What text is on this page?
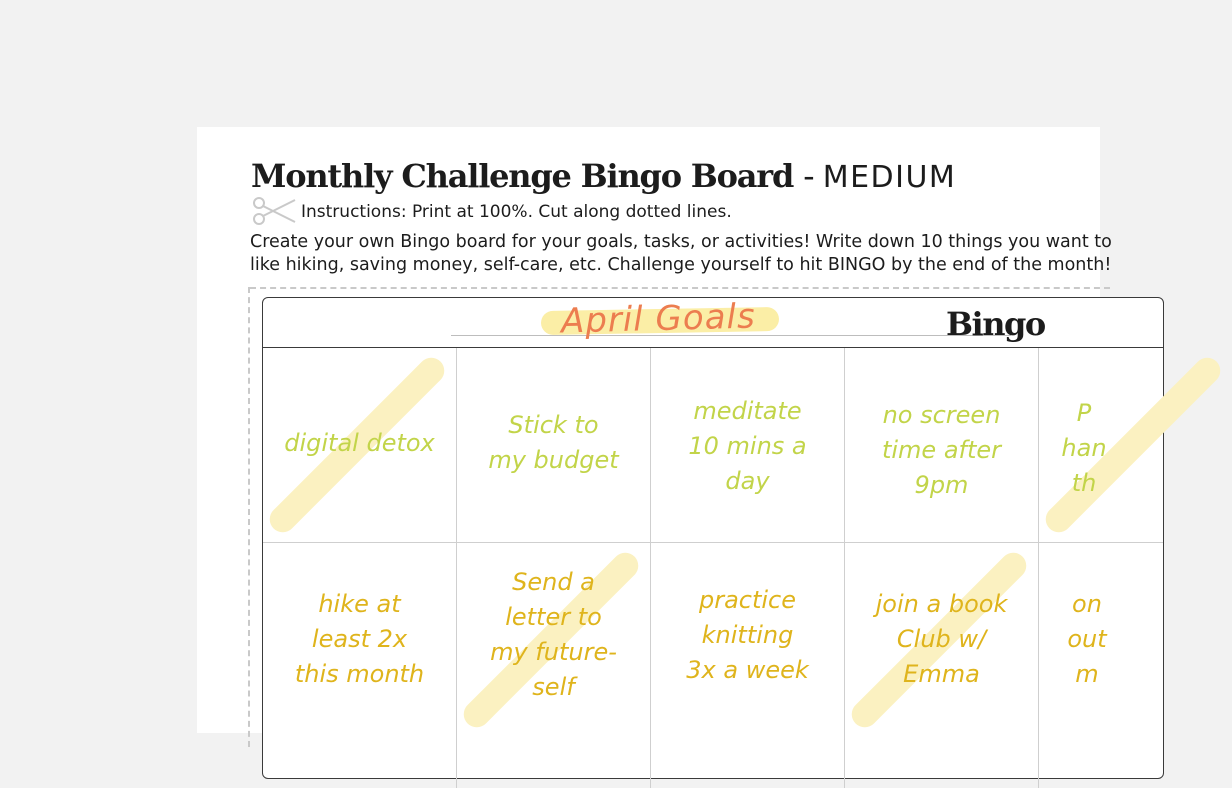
Monthly Challenge Bingo Board - MEDIUM
Instructions: Print at 100%. Cut along dotted lines.
Create your own Bingo board for your goals, tasks, or activities! Write down 10 things you want to
like hiking, saving money, self-care, etc. Challenge yourself to hit BINGO by the end of the month!
April Goals	Bingo
digital detox
Stick to
my budget
meditate
10 mins a
day
no screen
time after
9pm
P
han
th
hike at
least 2x
this month
Send a
letter to
my future-
self
practice
knitting
3x a week
join a book
Club w/
Emma
on
out
m
